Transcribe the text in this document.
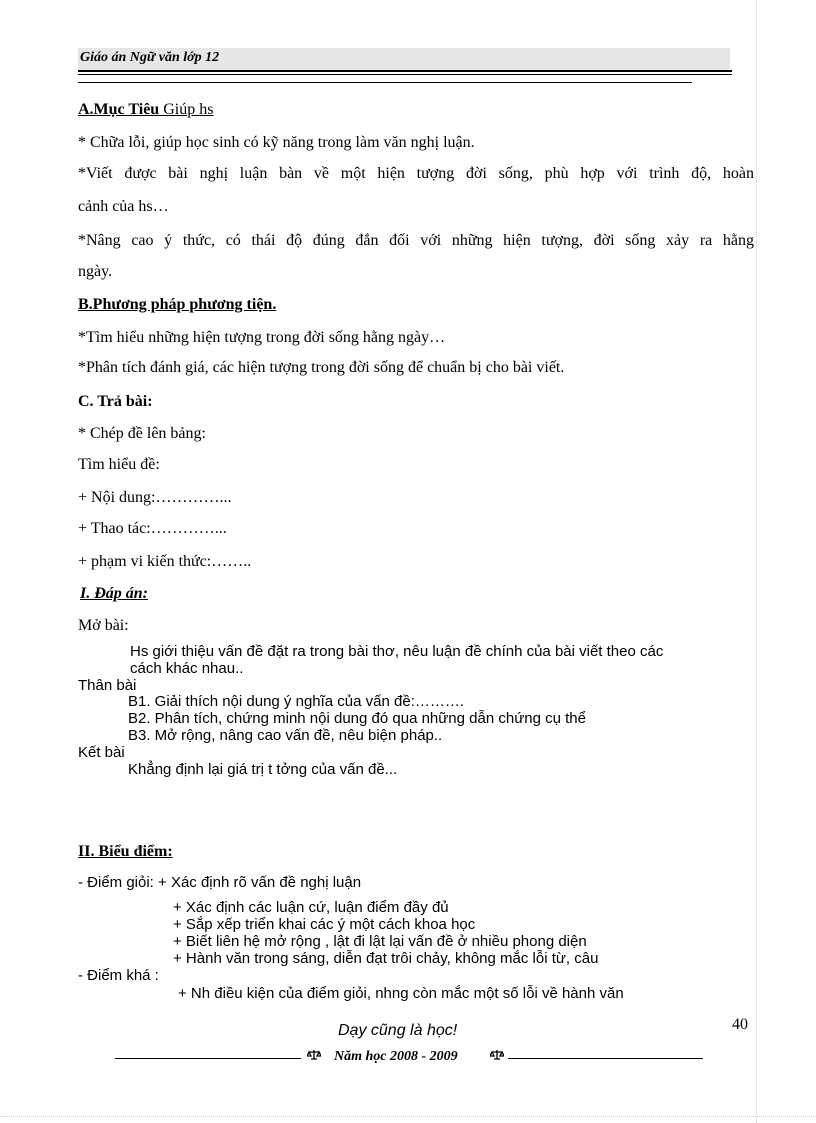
Giáo án Ngữ văn lớp 12
A.Mục Tiêu Giúp hs
* Chữa lỗi, giúp học sinh có kỹ năng trong làm văn nghị luận.
*Viết được bài nghị luận bàn về một hiện tượng đời sống, phù hợp với trình độ, hoàn
cảnh của hs…
*Nâng cao ý thức, có thái độ đúng đắn đối với những hiện tượng, đời sống xảy ra hằng
ngày.
B.Phương pháp phương tiện.
*Tìm hiểu những hiện tượng trong đời sống hằng ngày…
*Phân tích đánh giá, các hiện tượng trong đời sống để chuẩn bị cho bài viết.
C. Trả bài:
* Chép đề lên bảng:
Tìm hiểu đề:
+ Nội dung:…………...
+ Thao tác:…………...
+ phạm vi kiến thức:……..
I. Đáp án:
Mở bài:
Hs giới thiệu vấn đề đặt ra trong bài thơ, nêu luận đề chính của bài viết theo các
cách khác nhau..
Thân bài
B1. Giải thích nội dung ý nghĩa của vấn đề:……….
B2. Phân tích, chứng minh nội dung đó qua những dẫn chứng cụ thể
B3. Mở rộng, nâng cao vấn đề, nêu biện pháp..
Kết bài
Khẳng định lại giá trị t tởng của vấn đề...
II. Biểu điểm:
- Điểm giỏi: + Xác định rõ vấn đề nghị luận
+ Xác định các luận cứ, luận điểm đầy đủ
+ Sắp xếp triển khai các ý một cách khoa học
+ Biết liên hệ mở rộng , lật đi lật lại vấn đề ở nhiều phong diện
+ Hành văn trong sáng, diễn đạt trôi chảy, không mắc lỗi từ, câu
- Điểm khá :
+ Nh điều kiện của điểm giỏi, nhng còn mắc một số lỗi về hành văn
40
Dạy cũng là học!
Năm học 2008 - 2009
